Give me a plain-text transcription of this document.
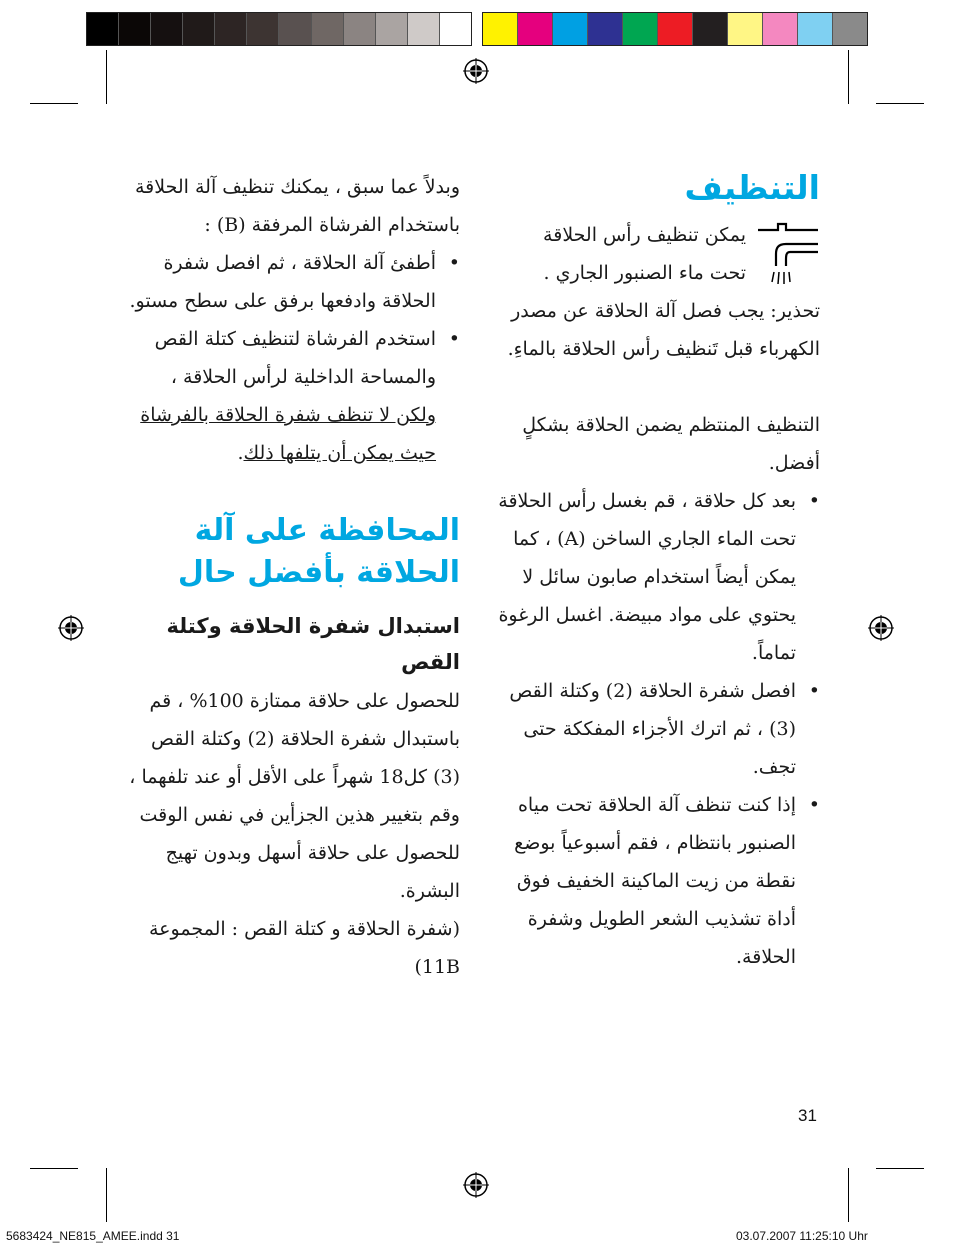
التنظيف

يمكن تنظيف رأس الحلاقة

تحت ماء الصنبور الجاري .

تحذير: يجب فصل آلة الحلاقة عن مصدر الكهرباء قبل تَنظيف رأس الحلاقة بالماءِ.

التنظيف المنتظم يضمن الحلاقة بشكلٍ أفضل.

• بعد كل حلاقة ، قم بغسل رأس الحلاقة تحت الماء الجاري الساخن (A) ، كما يمكن أيضاً استخدام صابون سائل لا يحتوي على مواد مبيضة. اغسل الرغوة تماماً.
• افصل شفرة الحلاقة (2) وكتلة القص (3) ، ثم اترك الأجزاء المفككة حتى تجف.
• إذا كنت تنظف آلة الحلاقة تحت مياه الصنبور بانتظام ، فقم أسبوعياً بوضع نقطة من زيت الماكينة الخفيف فوق أداة تشذيب الشعر الطويل وشفرة الحلاقة.

وبدلاً عما سبق ، يمكنك تنظيف آلة الحلاقة باستخدام الفرشاة المرفقة (B) :

• أطفئ آلة الحلاقة ، ثم افصل شفرة الحلاقة وادفعها برفق على سطح مستو.
• استخدم الفرشاة لتنظيف كتلة القص والمساحة الداخلية لرأس الحلاقة ، ولكن لا تنظف شفرة الحلاقة بالفرشاة حيث يمكن أن يتلفها ذلك.
المحافظة على آلة الحلاقة بأفضل حال
استبدال شفرة الحلاقة وكتلة القص

للحصول على حلاقة ممتازة 100% ، قم باستبدال شفرة الحلاقة (2) وكتلة القص (3) كل18 شهراً على الأقل أو عند تلفهما ، وقم بتغيير هذين الجزأين في نفس الوقت للحصول على حلاقة أسهل وبدون تهيج البشرة.

(شفرة الحلاقة و كتلة القص : المجموعة 11B)

31
5683424_NE815_AMEE.indd 31	03.07.2007 11:25:10 Uhr
